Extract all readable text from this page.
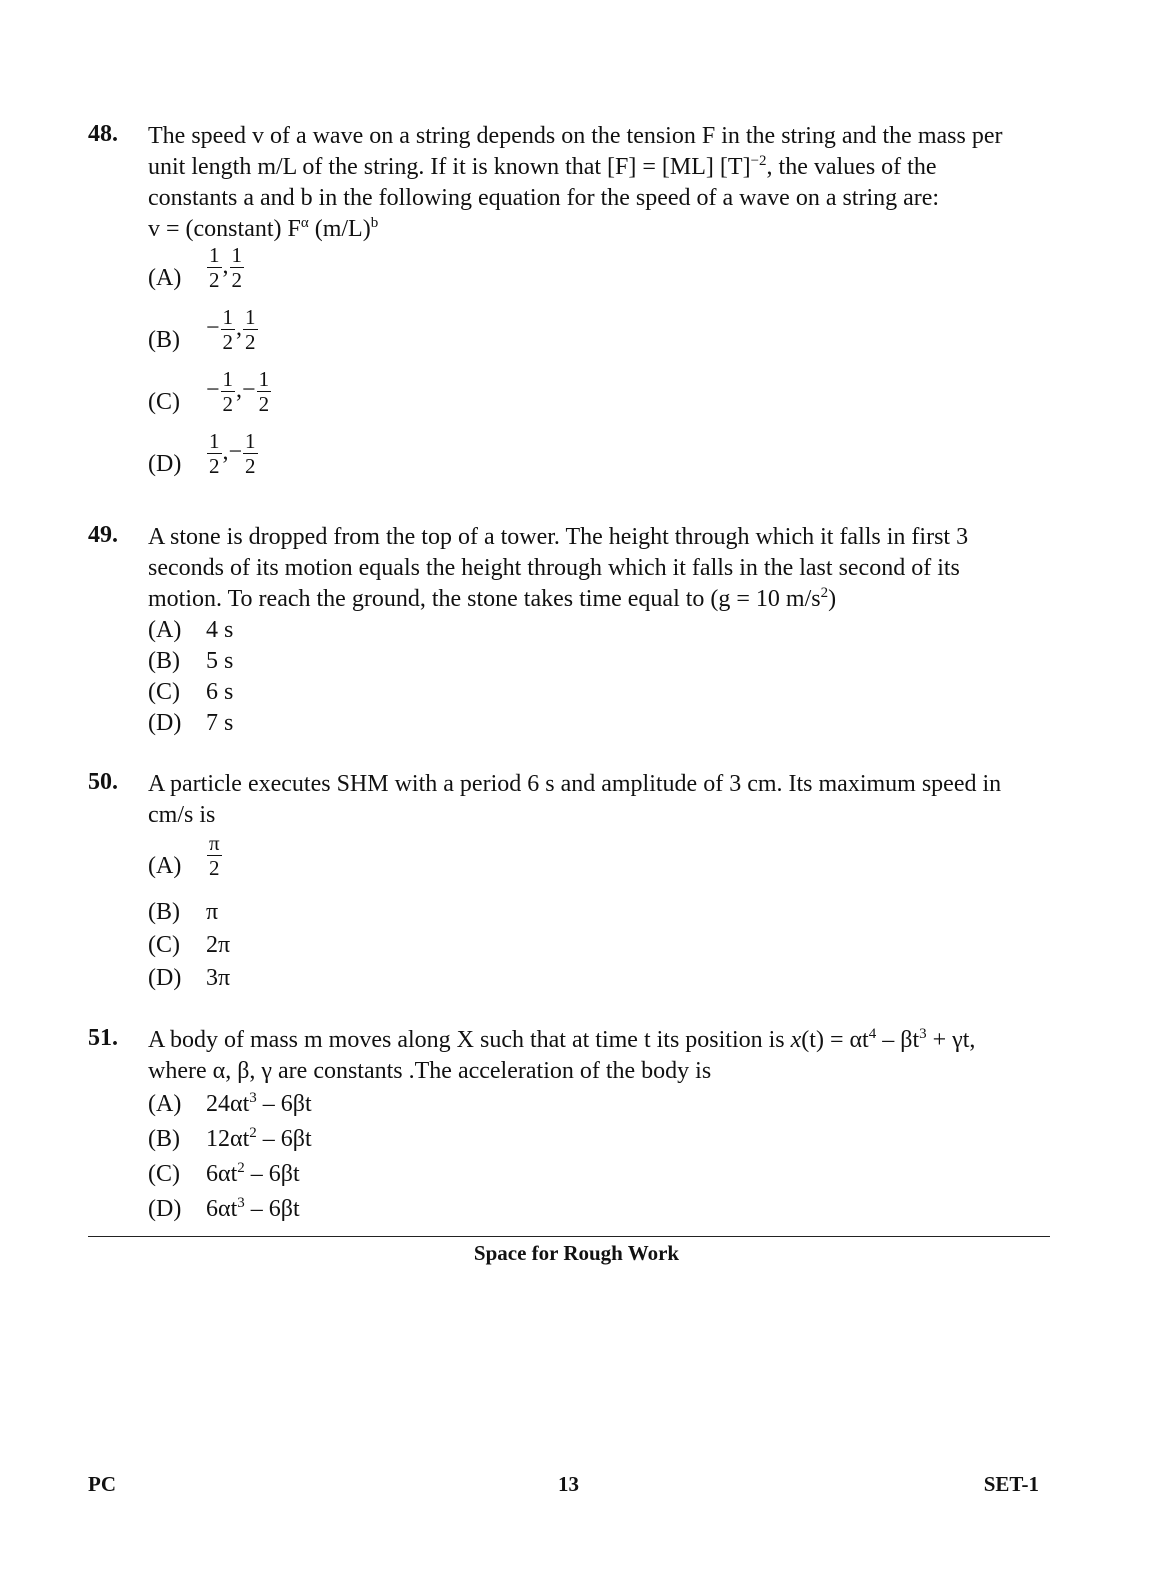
48. The speed v of a wave on a string depends on the tension F in the string and the mass per
unit length m/L of the string. If it is known that [F] = [ML] $[T]^{-2}$, the values of the
constants a and b in the following equation for the speed of a wave on a string are:
v = (constant) $F^\alpha$ $(m/L)^b$
$(A) \frac{1}{2}$ , $\frac{1}{2}$
$(B) - \frac{1}{2}$ , $\frac{1}{2}$
$(C) - \frac{1}{2}$ ,− $\frac{1}{2}$
$(D) \frac{1}{2}$ ,− $\frac{1}{2}$
49. A stone is dropped from the top of a tower. The height through which it falls in first 3
seconds of its motion equals the height through which it falls in the last second of its
motion. To reach the ground, the stone takes time equal to (g = 10 $m/s^2$)
(A) 4 s
(B) 5 s
(C) 6 s
(D) 7 s
50. A particle executes SHM with a period 6 s and amplitude of 3 cm. Its maximum speed in
cm/s is
$(A) \frac{\pi}{2}$
(B) π
(C) 2π
(D) 3π
51. A body of mass m moves along X such that at time t its position is $x(t) = \alpha t^4 - \beta t^3 + \gamma t$,
where α, β, γ are constants .The acceleration of the body is
(A) $24\alpha t^3 - 6\beta t$
(B) $12\alpha t^2 - 6\beta t$
(C) $6\alpha t^2 - 6\beta t$
(D) $6\alpha t^3 - 6\beta t$
Space for Rough Work
PC	13	SET-1
